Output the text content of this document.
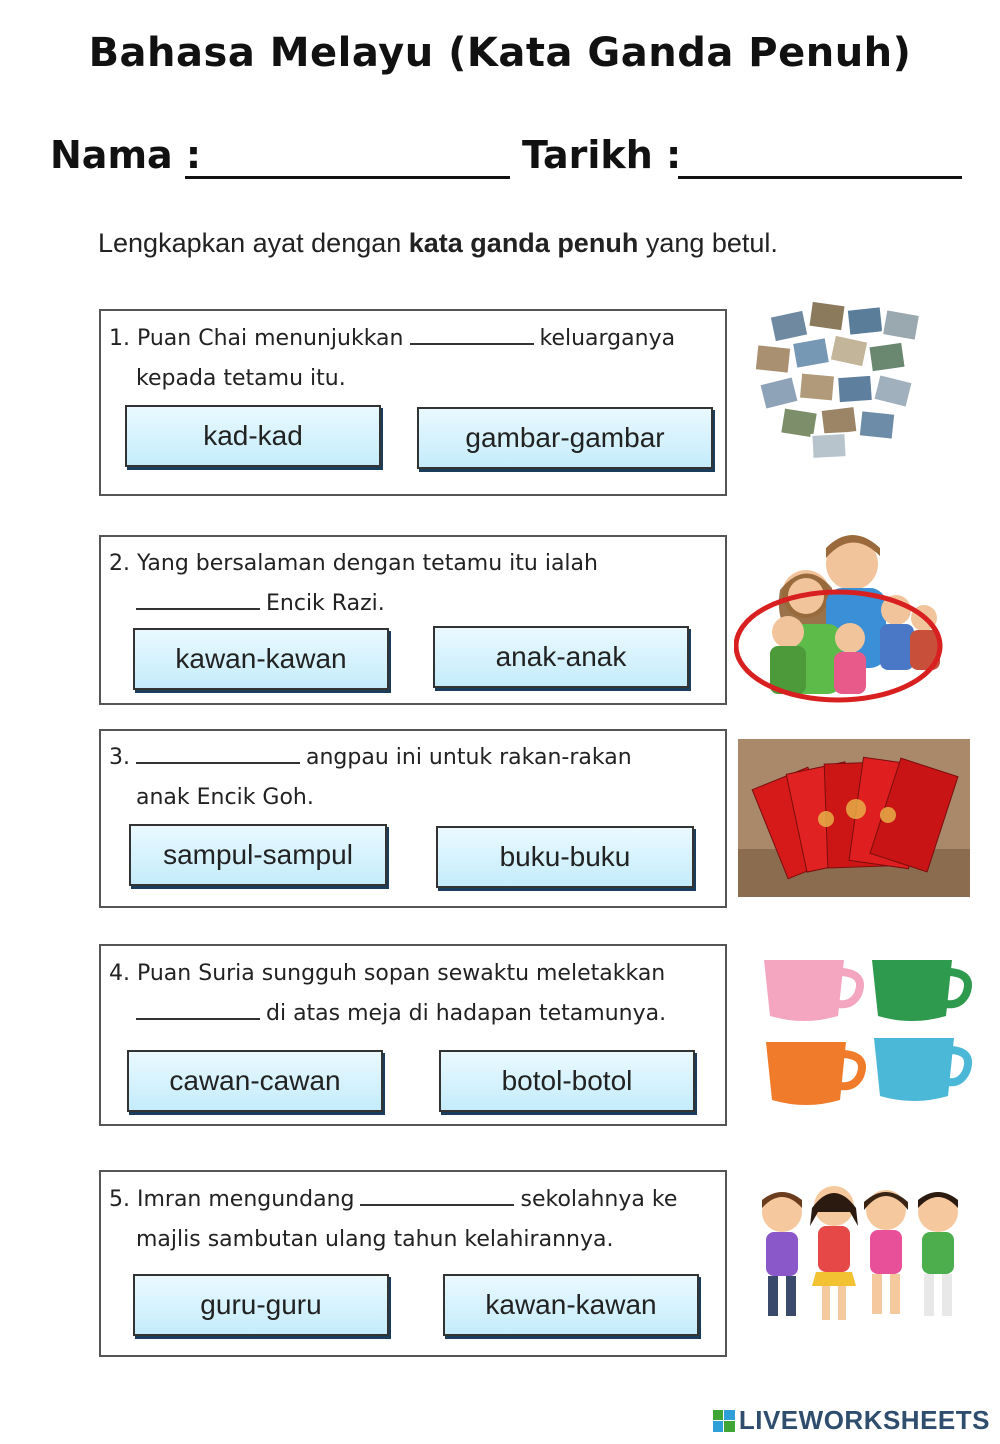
Bahasa Melayu (Kata Ganda Penuh)
Nama :	Tarikh :
Lengkapkan ayat dengan kata ganda penuh yang betul.
1. Puan Chai menunjukkan	keluarganya
kepada tetamu itu.
kad-kad	gambar-gambar
2. Yang bersalaman dengan tetamu itu ialah
Encik Razi.
kawan-kawan	anak-anak
3.	angpau ini untuk rakan-rakan
anak Encik Goh.
sampul-sampul	buku-buku
4. Puan Suria sungguh sopan sewaktu meletakkan
di atas meja di hadapan tetamunya.
cawan-cawan	botol-botol
5. Imran mengundang	sekolahnya ke
majlis sambutan ulang tahun kelahirannya.
guru-guru	kawan-kawan
LIVEWORKSHEETS
